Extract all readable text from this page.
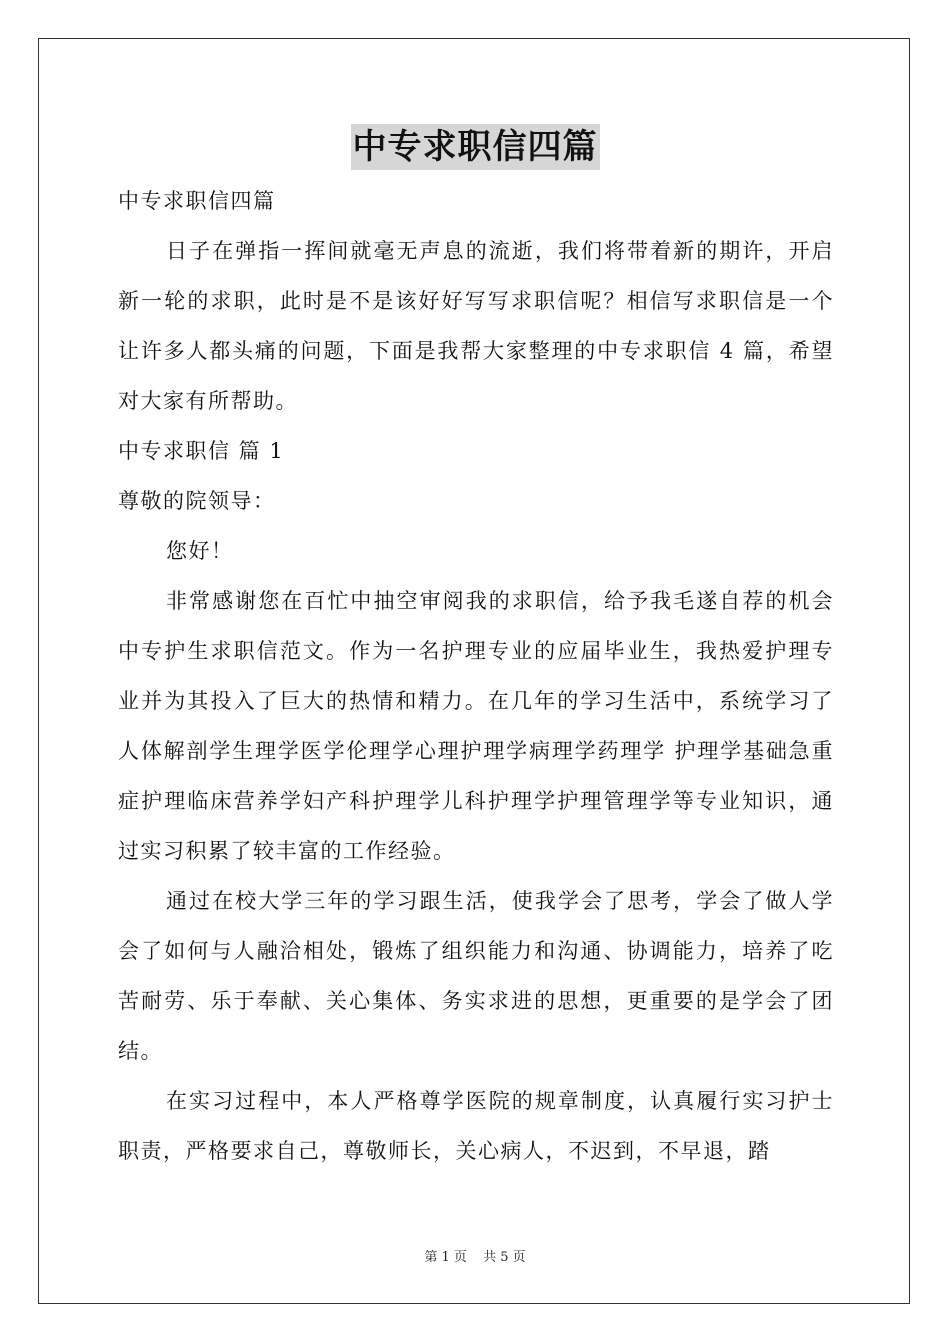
中专求职信四篇

中专求职信四篇

日子在弹指一挥间就毫无声息的流逝，我们将带着新的期许，开启新一轮的求职，此时是不是该好好写写求职信呢？相信写求职信是一个让许多人都头痛的问题，下面是我帮大家整理的中专求职信 4 篇，希望对大家有所帮助。

中专求职信 篇 1

尊敬的院领导：

您好！

非常感谢您在百忙中抽空审阅我的求职信，给予我毛遂自荐的机会中专护生求职信范文。作为一名护理专业的应届毕业生，我热爱护理专业并为其投入了巨大的热情和精力。在几年的学习生活中，系统学习了人体解剖学生理学医学伦理学心理护理学病理学药理学 护理学基础急重症护理临床营养学妇产科护理学儿科护理学护理管理学等专业知识，通过实习积累了较丰富的工作经验。

通过在校大学三年的学习跟生活，使我学会了思考，学会了做人学会了如何与人融洽相处，锻炼了组织能力和沟通、协调能力，培养了吃苦耐劳、乐于奉献、关心集体、务实求进的思想，更重要的是学会了团结。

在实习过程中，本人严格尊学医院的规章制度，认真履行实习护士职责，严格要求自己，尊敬师长，关心病人，不迟到，不早退，踏

第 1 页 共 5 页
